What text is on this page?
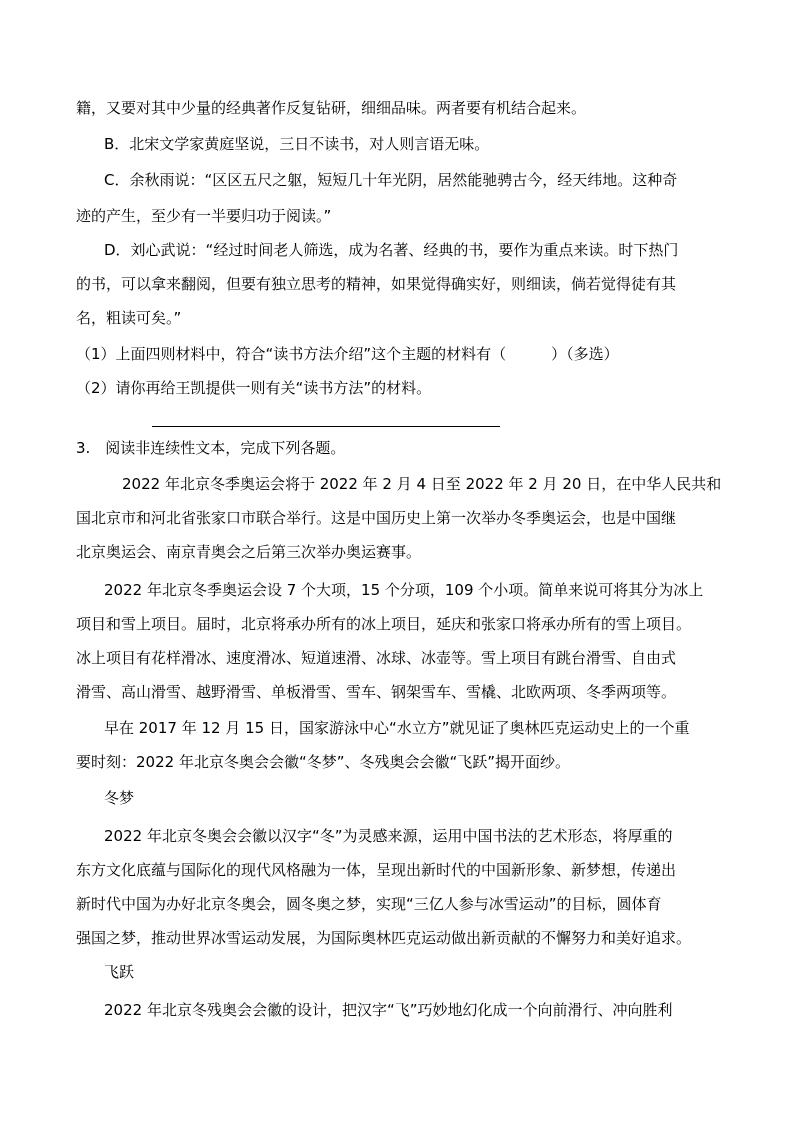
籍，又要对其中少量的经典著作反复钻研，细细品味。两者要有机结合起来。
B．北宋文学家黄庭坚说，三日不读书，对人则言语无味。
C．余秋雨说：“区区五尺之躯，短短几十年光阴，居然能驰骋古今，经天纬地。这种奇
迹的产生，至少有一半要归功于阅读。”
D．刘心武说：“经过时间老人筛选，成为名著、经典的书，要作为重点来读。时下热门
的书，可以拿来翻阅，但要有独立思考的精神，如果觉得确实好，则细读，倘若觉得徒有其
名，粗读可矣。”
（1）上面四则材料中，符合“读书方法介绍”这个主题的材料有（　　　）（多选）
（2）请你再给王凯提供一则有关“读书方法”的材料。
3.　阅读非连续性文本，完成下列各题。
2022 年北京冬季奥运会将于 2022 年 2 月 4 日至 2022 年 2 月 20 日，在中华人民共和
国北京市和河北省张家口市联合举行。这是中国历史上第一次举办冬季奥运会，也是中国继
北京奥运会、南京青奥会之后第三次举办奥运赛事。
2022 年北京冬季奥运会设 7 个大项，15 个分项，109 个小项。简单来说可将其分为冰上
项目和雪上项目。届时，北京将承办所有的冰上项目，延庆和张家口将承办所有的雪上项目。
冰上项目有花样滑冰、速度滑冰、短道速滑、冰球、冰壶等。雪上项目有跳台滑雪、自由式
滑雪、高山滑雪、越野滑雪、单板滑雪、雪车、钢架雪车、雪橇、北欧两项、冬季两项等。
早在 2017 年 12 月 15 日，国家游泳中心“水立方”就见证了奥林匹克运动史上的一个重
要时刻：2022 年北京冬奥会会徽“冬梦”、冬残奥会会徽“飞跃”揭开面纱。
冬梦
2022 年北京冬奥会会徽以汉字“冬”为灵感来源，运用中国书法的艺术形态，将厚重的
东方文化底蕴与国际化的现代风格融为一体，呈现出新时代的中国新形象、新梦想，传递出
新时代中国为办好北京冬奥会，圆冬奥之梦，实现“三亿人参与冰雪运动”的目标，圆体育
强国之梦，推动世界冰雪运动发展，为国际奥林匹克运动做出新贡献的不懈努力和美好追求。
飞跃
2022 年北京冬残奥会会徽的设计，把汉字“飞”巧妙地幻化成一个向前滑行、冲向胜利
